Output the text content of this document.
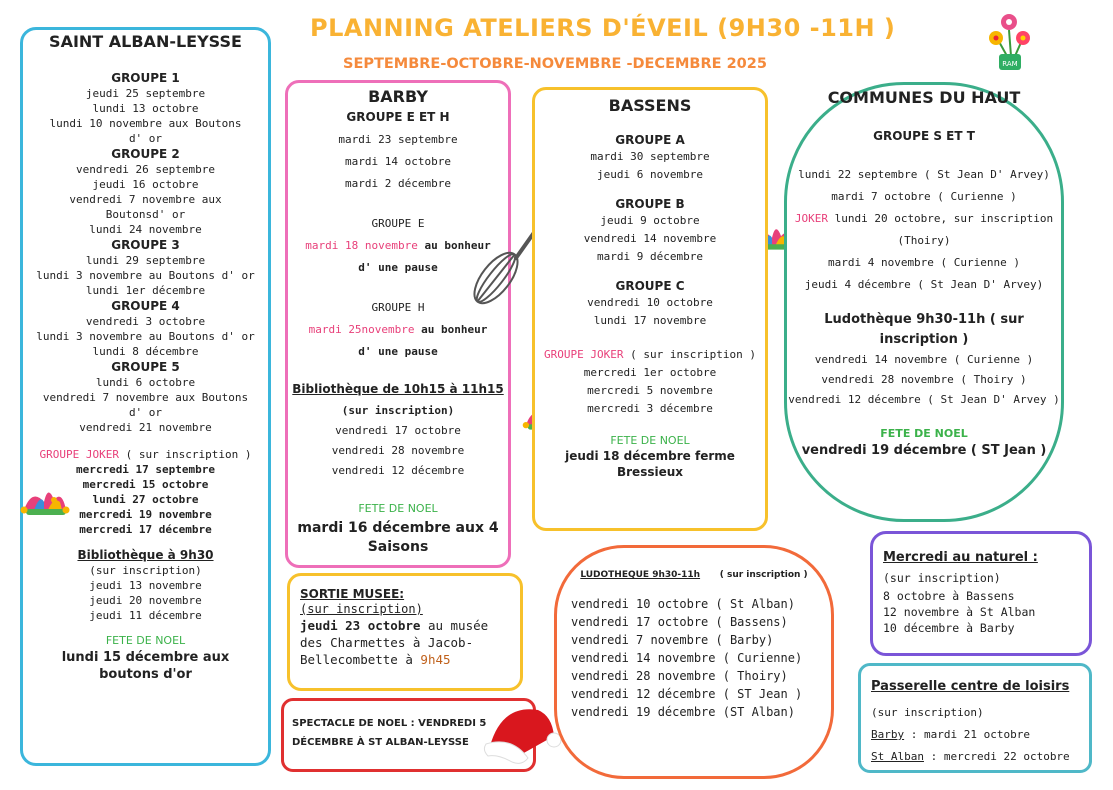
PLANNING ATELIERS D'ÉVEIL (9H30 -11H )
SEPTEMBRE-OCTOBRE-NOVEMBRE -DECEMBRE 2025	RAM
SAINT ALBAN-LEYSSE
GROUPE 1
jeudi 25 septembre
lundi 13 octobre
lundi 10 novembre aux Boutons
d' or
GROUPE 2
vendredi 26 septembre
jeudi 16 octobre
vendredi 7 novembre aux
Boutonsd' or
lundi 24 novembre
GROUPE 3
lundi 29 septembre
lundi 3 novembre au Boutons d' or
lundi 1er décembre
GROUPE 4
vendredi 3 octobre
lundi 3 novembre au Boutons d' or
lundi 8 décembre
GROUPE 5
lundi 6 octobre
vendredi 7 novembre aux Boutons
d' or
vendredi 21 novembre
GROUPE JOKER ( sur inscription )
mercredi 17 septembre
mercredi 15 octobre
lundi 27 octobre
mercredi 19 novembre
mercredi 17 décembre
Bibliothèque à 9h30
(sur inscription)
jeudi 13 novembre
jeudi 20 novembre
jeudi 11 décembre
FETE DE NOEL
lundi 15 décembre aux boutons d'or
BARBY
GROUPE E ET H
mardi 23 septembre
mardi 14 octobre
mardi 2 décembre
GROUPE E
mardi 18 novembre au bonheur
d' une pause
GROUPE H
mardi 25novembre au bonheur
d' une pause
Bibliothèque de 10h15 à 11h15
(sur inscription)
vendredi 17 octobre
vendredi 28 novembre
vendredi 12 décembre
FETE DE NOEL
mardi 16 décembre aux 4 Saisons
BASSENS
GROUPE A
mardi 30 septembre
jeudi 6 novembre
GROUPE B
jeudi 9 octobre
vendredi 14 novembre
mardi 9 décembre
GROUPE C
vendredi 10 octobre
lundi 17 novembre
GROUPE JOKER ( sur inscription )
mercredi 1er octobre
mercredi 5 novembre
mercredi 3 décembre
FETE DE NOEL
jeudi 18 décembre ferme Bressieux
COMMUNES DU HAUT
GROUPE S ET T
lundi 22 septembre ( St Jean D' Arvey)
mardi 7 octobre ( Curienne )
JOKER lundi 20 octobre, sur inscription
(Thoiry)
mardi 4 novembre ( Curienne )
jeudi 4 décembre ( St Jean D' Arvey)
Ludothèque 9h30-11h ( sur inscription )
vendredi 14 novembre ( Curienne )
vendredi 28 novembre ( Thoiry )
vendredi 12 décembre ( St Jean D' Arvey )
FETE DE NOEL
vendredi 19 décembre ( ST Jean )
SORTIE MUSEE:
(sur inscription)
jeudi 23 octobre au musée des Charmettes à Jacob-Bellecombette à 9h45
SPECTACLE DE NOEL : VENDREDI 5
DÉCEMBRE À ST ALBAN-LEYSSE
LUDOTHEQUE 9h30-11h ( sur inscription )
vendredi 10 octobre ( St Alban)
vendredi 17 octobre ( Bassens)
vendredi 7 novembre ( Barby)
vendredi 14 novembre ( Curienne)
vendredi 28 novembre ( Thoiry)
vendredi 12 décembre ( ST Jean )
vendredi 19 décembre (ST Alban)
Mercredi au naturel :
(sur inscription)
8 octobre à Bassens
12 novembre à St Alban
10 décembre à Barby
Passerelle centre de loisirs
(sur inscription)
Barby : mardi 21 octobre
St Alban : mercredi 22 octobre
